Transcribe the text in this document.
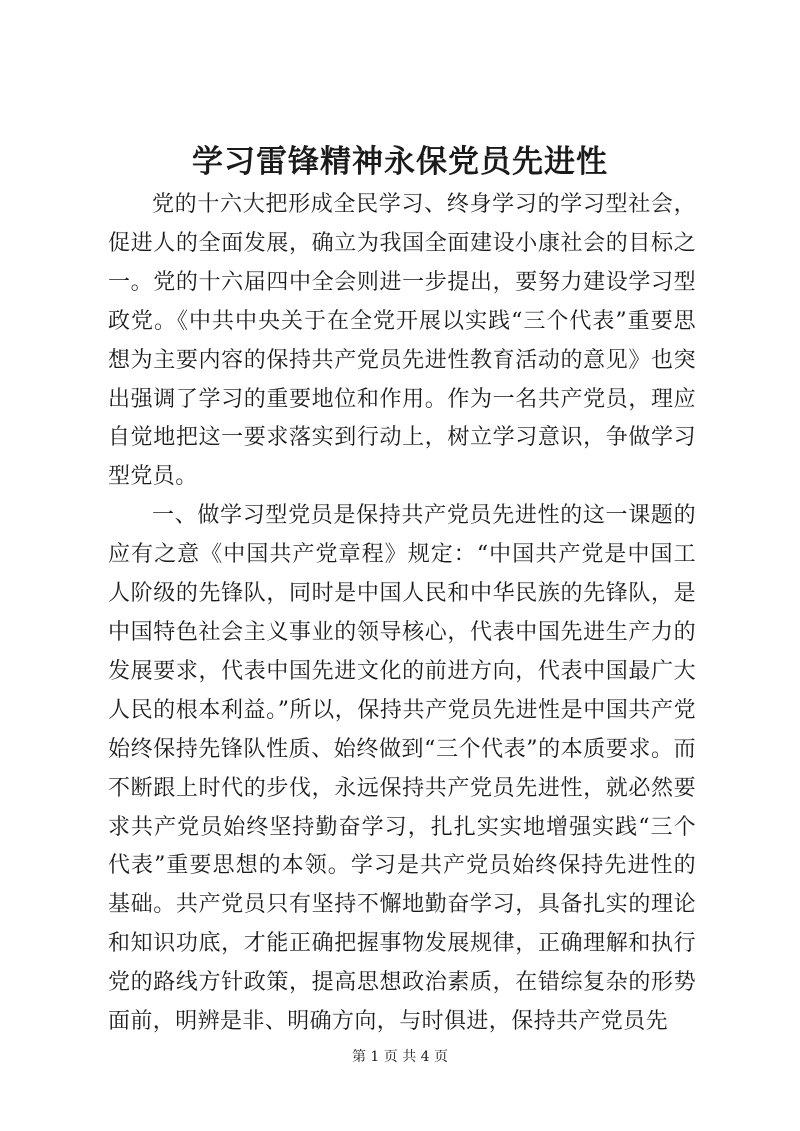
学习雷锋精神永保党员先进性

党的十六大把形成全民学习、终身学习的学习型社会，促进人的全面发展，确立为我国全面建设小康社会的目标之一。党的十六届四中全会则进一步提出，要努力建设学习型政党。《中共中央关于在全党开展以实践“三个代表”重要思想为主要内容的保持共产党员先进性教育活动的意见》也突出强调了学习的重要地位和作用。作为一名共产党员，理应自觉地把这一要求落实到行动上，树立学习意识，争做学习型党员。

一、做学习型党员是保持共产党员先进性的这一课题的应有之意《中国共产党章程》规定：“中国共产党是中国工人阶级的先锋队，同时是中国人民和中华民族的先锋队，是中国特色社会主义事业的领导核心，代表中国先进生产力的发展要求，代表中国先进文化的前进方向，代表中国最广大人民的根本利益。”所以，保持共产党员先进性是中国共产党始终保持先锋队性质、始终做到“三个代表”的本质要求。而不断跟上时代的步伐，永远保持共产党员先进性，就必然要求共产党员始终坚持勤奋学习，扎扎实实地增强实践“三个代表”重要思想的本领。学习是共产党员始终保持先进性的基础。共产党员只有坚持不懈地勤奋学习，具备扎实的理论和知识功底，才能正确把握事物发展规律，正确理解和执行党的路线方针政策，提高思想政治素质，在错综复杂的形势面前，明辨是非、明确方向，与时俱进，保持共产党员先

第 1 页 共 4 页
